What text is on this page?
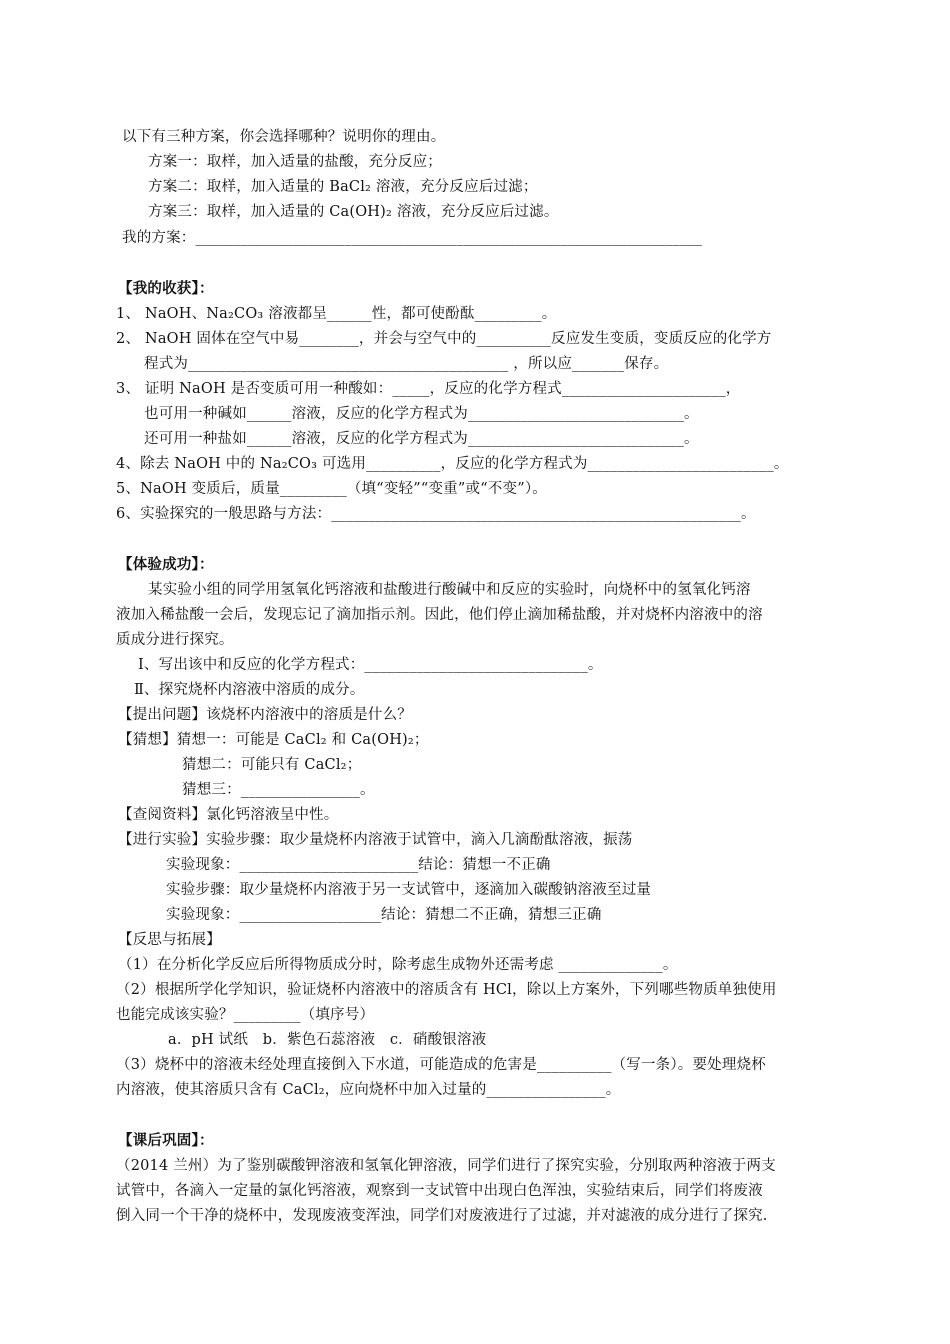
以下有三种方案，你会选择哪种？说明你的理由。
方案一：取样，加入适量的盐酸，充分反应；
方案二：取样，加入适量的 BaCl₂ 溶液，充分反应后过滤；
方案三：取样，加入适量的 Ca(OH)₂ 溶液，充分反应后过滤。
我的方案：____________________________________________________________________
【我的收获】：
1、 NaOH、Na₂CO₃ 溶液都呈______性，都可使酚酞_________。
2、 NaOH 固体在空气中易________，并会与空气中的__________反应发生变质，变质反应的化学方
程式为___________________________________________ ，所以应_______保存。
3、 证明 NaOH 是否变质可用一种酸如：_____，反应的化学方程式______________________，
也可用一种碱如______溶液，反应的化学方程式为_____________________________。
还可用一种盐如______溶液，反应的化学方程式为_____________________________。
4、除去 NaOH 中的 Na₂CO₃ 可选用__________，反应的化学方程式为_________________________。
5、NaOH 变质后，质量_________（填“变轻”“变重”或“不变”）。
6、实验探究的一般思路与方法：_______________________________________________________。
【体验成功】：
某实验小组的同学用氢氧化钙溶液和盐酸进行酸碱中和反应的实验时，向烧杯中的氢氧化钙溶
液加入稀盐酸一会后，发现忘记了滴加指示剂。因此，他们停止滴加稀盐酸，并对烧杯内溶液中的溶
质成分进行探究。
Ⅰ、写出该中和反应的化学方程式：______________________________。
Ⅱ、探究烧杯内溶液中溶质的成分。
【提出问题】该烧杯内溶液中的溶质是什么？
【猜想】猜想一：可能是 CaCl₂ 和 Ca(OH)₂；
猜想二：可能只有 CaCl₂；
猜想三：________________。
【查阅资料】氯化钙溶液呈中性。
【进行实验】实验步骤：取少量烧杯内溶液于试管中，滴入几滴酚酞溶液，振荡
实验现象：________________________结论：猜想一不正确
实验步骤：取少量烧杯内溶液于另一支试管中，逐滴加入碳酸钠溶液至过量
实验现象：___________________结论：猜想二不正确，猜想三正确
【反思与拓展】
（1）在分析化学反应后所得物质成分时，除考虑生成物外还需考虑 ______________。
（2）根据所学化学知识，验证烧杯内溶液中的溶质含有 HCl，除以上方案外，下列哪些物质单独使用
也能完成该实验？_________（填序号）
a．pH 试纸　b．紫色石蕊溶液　c．硝酸银溶液
（3）烧杯中的溶液未经处理直接倒入下水道，可能造成的危害是__________（写一条）。要处理烧杯
内溶液，使其溶质只含有 CaCl₂，应向烧杯中加入过量的________________。
【课后巩固】：
（2014 兰州）为了鉴别碳酸钾溶液和氢氧化钾溶液，同学们进行了探究实验，分别取两种溶液于两支
试管中，各滴入一定量的氯化钙溶液，观察到一支试管中出现白色浑浊，实验结束后，同学们将废液
倒入同一个干净的烧杯中，发现废液变浑浊，同学们对废液进行了过滤，并对滤液的成分进行了探究.
